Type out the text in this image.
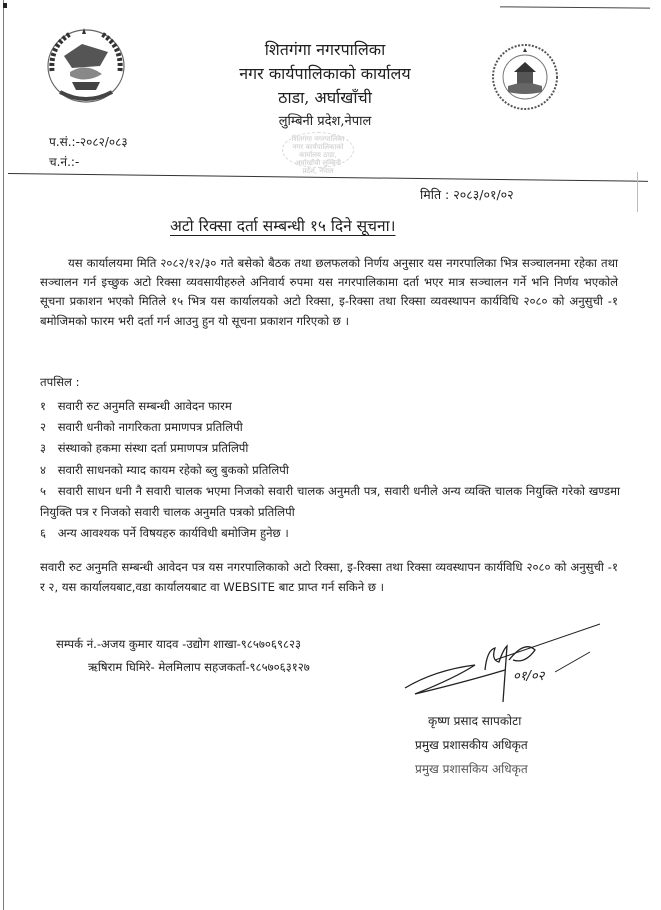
शितगंगा नगरपालिका
नगर कार्यपालिकाको कार्यालय
ठाडा, अर्घाखाँची
लुम्बिनी प्रदेश,नेपाल
शितगंगा नगरपालिका नगर कार्यपालिकाको कार्यालय ठाडा, अर्घाखाँची लुम्बिनी प्रदेश, नेपाल
प.सं.:-२०८२/०८३
च.नं.:-
मिति : २०८३/०१/०२
अटो रिक्सा दर्ता सम्बन्धी १५ दिने सूचना।
यस कार्यालयमा मिति २०८२/१२/३० गते बसेको बैठक तथा छलफलको निर्णय अनुसार यस नगरपालिका भित्र सञ्चालनमा रहेका तथा सञ्चालन गर्न इच्छुक अटो रिक्सा व्यवसायीहरुले अनिवार्य रुपमा यस नगरपालिकामा दर्ता भएर मात्र सञ्चालन गर्ने भनि निर्णय भएकोले सूचना प्रकाशन भएको मितिले १५ भित्र यस कार्यालयको अटो रिक्सा, इ-रिक्सा तथा रिक्सा व्यवस्थापन कार्यविधि २०८० को अनुसुची -१ बमोजिमको फारम भरी दर्ता गर्न आउनु हुन यो सूचना प्रकाशन गरिएको छ ।
तपसिल :
१ सवारी रुट अनुमति सम्बन्धी आवेदन फारम
२ सवारी धनीको नागरिकता प्रमाणपत्र प्रतिलिपी
३ संस्थाको हकमा संस्था दर्ता प्रमाणपत्र प्रतिलिपी
४ सवारी साधनको म्याद कायम रहेको ब्लु बुकको प्रतिलिपी
५ सवारी साधन धनी नै सवारी चालक भएमा निजको सवारी चालक अनुमती पत्र, सवारी धनीले अन्य व्यक्ति चालक नियुक्ति गरेको खण्डमा नियुक्ति पत्र र निजको सवारी चालक अनुमति पत्रको प्रतिलिपी
६ अन्य आवश्यक पर्ने विषयहरु कार्यविधी बमोजिम हुनेछ ।
सवारी रुट अनुमति सम्बन्धी आवेदन पत्र यस नगरपालिकाको अटो रिक्सा, इ-रिक्सा तथा रिक्सा व्यवस्थापन कार्यविधि २०८० को अनुसुची -१ र २, यस कार्यालयबाट,वडा कार्यालयबाट वा WEBSITE बाट प्राप्त गर्न सकिने छ ।
सम्पर्क नं.-अजय कुमार यादव -उद्योग शाखा-९८५७०६९८२३
ऋषिराम घिमिरे- मेलमिलाप सहजकर्ता-९८५७०६३१२७
०१/०२
कृष्ण प्रसाद सापकोटा
प्रमुख प्रशासकीय अधिकृत
प्रमुख प्रशासकिय अधिकृत
